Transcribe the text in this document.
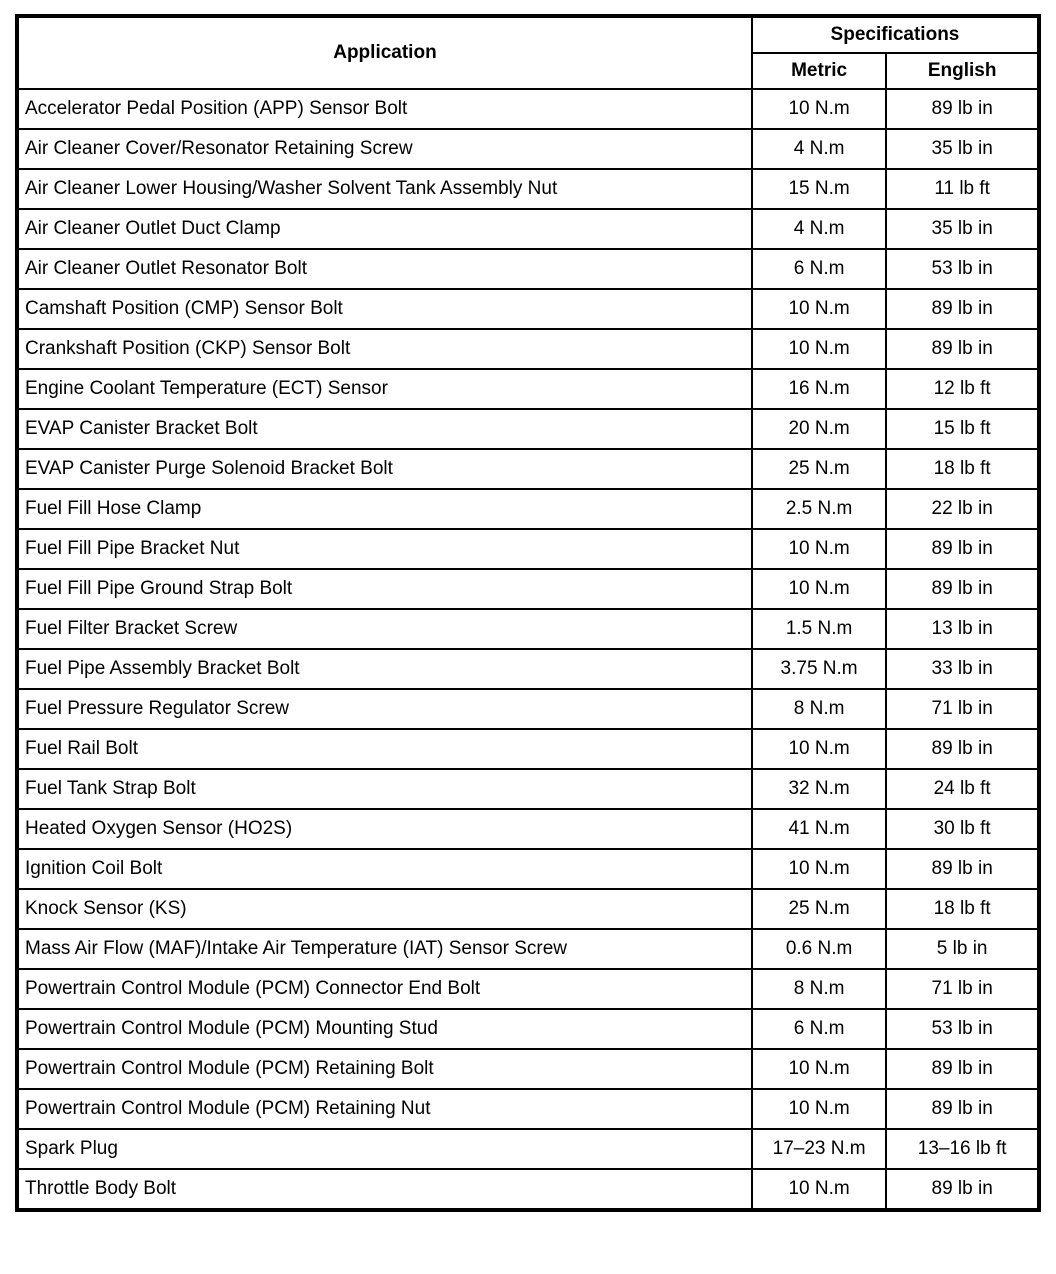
Application	Specifications	
	Metric	English
Accelerator Pedal Position (APP) Sensor Bolt	10 N.m	89 lb in
Air Cleaner Cover/Resonator Retaining Screw	4 N.m	35 lb in
Air Cleaner Lower Housing/Washer Solvent Tank Assembly Nut	15 N.m	11 lb ft
Air Cleaner Outlet Duct Clamp	4 N.m	35 lb in
Air Cleaner Outlet Resonator Bolt	6 N.m	53 lb in
Camshaft Position (CMP) Sensor Bolt	10 N.m	89 lb in
Crankshaft Position (CKP) Sensor Bolt	10 N.m	89 lb in
Engine Coolant Temperature (ECT) Sensor	16 N.m	12 lb ft
EVAP Canister Bracket Bolt	20 N.m	15 lb ft
EVAP Canister Purge Solenoid Bracket Bolt	25 N.m	18 lb ft
Fuel Fill Hose Clamp	2.5 N.m	22 lb in
Fuel Fill Pipe Bracket Nut	10 N.m	89 lb in
Fuel Fill Pipe Ground Strap Bolt	10 N.m	89 lb in
Fuel Filter Bracket Screw	1.5 N.m	13 lb in
Fuel Pipe Assembly Bracket Bolt	3.75 N.m	33 lb in
Fuel Pressure Regulator Screw	8 N.m	71 lb in
Fuel Rail Bolt	10 N.m	89 lb in
Fuel Tank Strap Bolt	32 N.m	24 lb ft
Heated Oxygen Sensor (HO2S)	41 N.m	30 lb ft
Ignition Coil Bolt	10 N.m	89 lb in
Knock Sensor (KS)	25 N.m	18 lb ft
Mass Air Flow (MAF)/Intake Air Temperature (IAT) Sensor Screw	0.6 N.m	5 lb in
Powertrain Control Module (PCM) Connector End Bolt	8 N.m	71 lb in
Powertrain Control Module (PCM) Mounting Stud	6 N.m	53 lb in
Powertrain Control Module (PCM) Retaining Bolt	10 N.m	89 lb in
Powertrain Control Module (PCM) Retaining Nut	10 N.m	89 lb in
Spark Plug	17–23 N.m	13–16 lb ft
Throttle Body Bolt	10 N.m	89 lb in
